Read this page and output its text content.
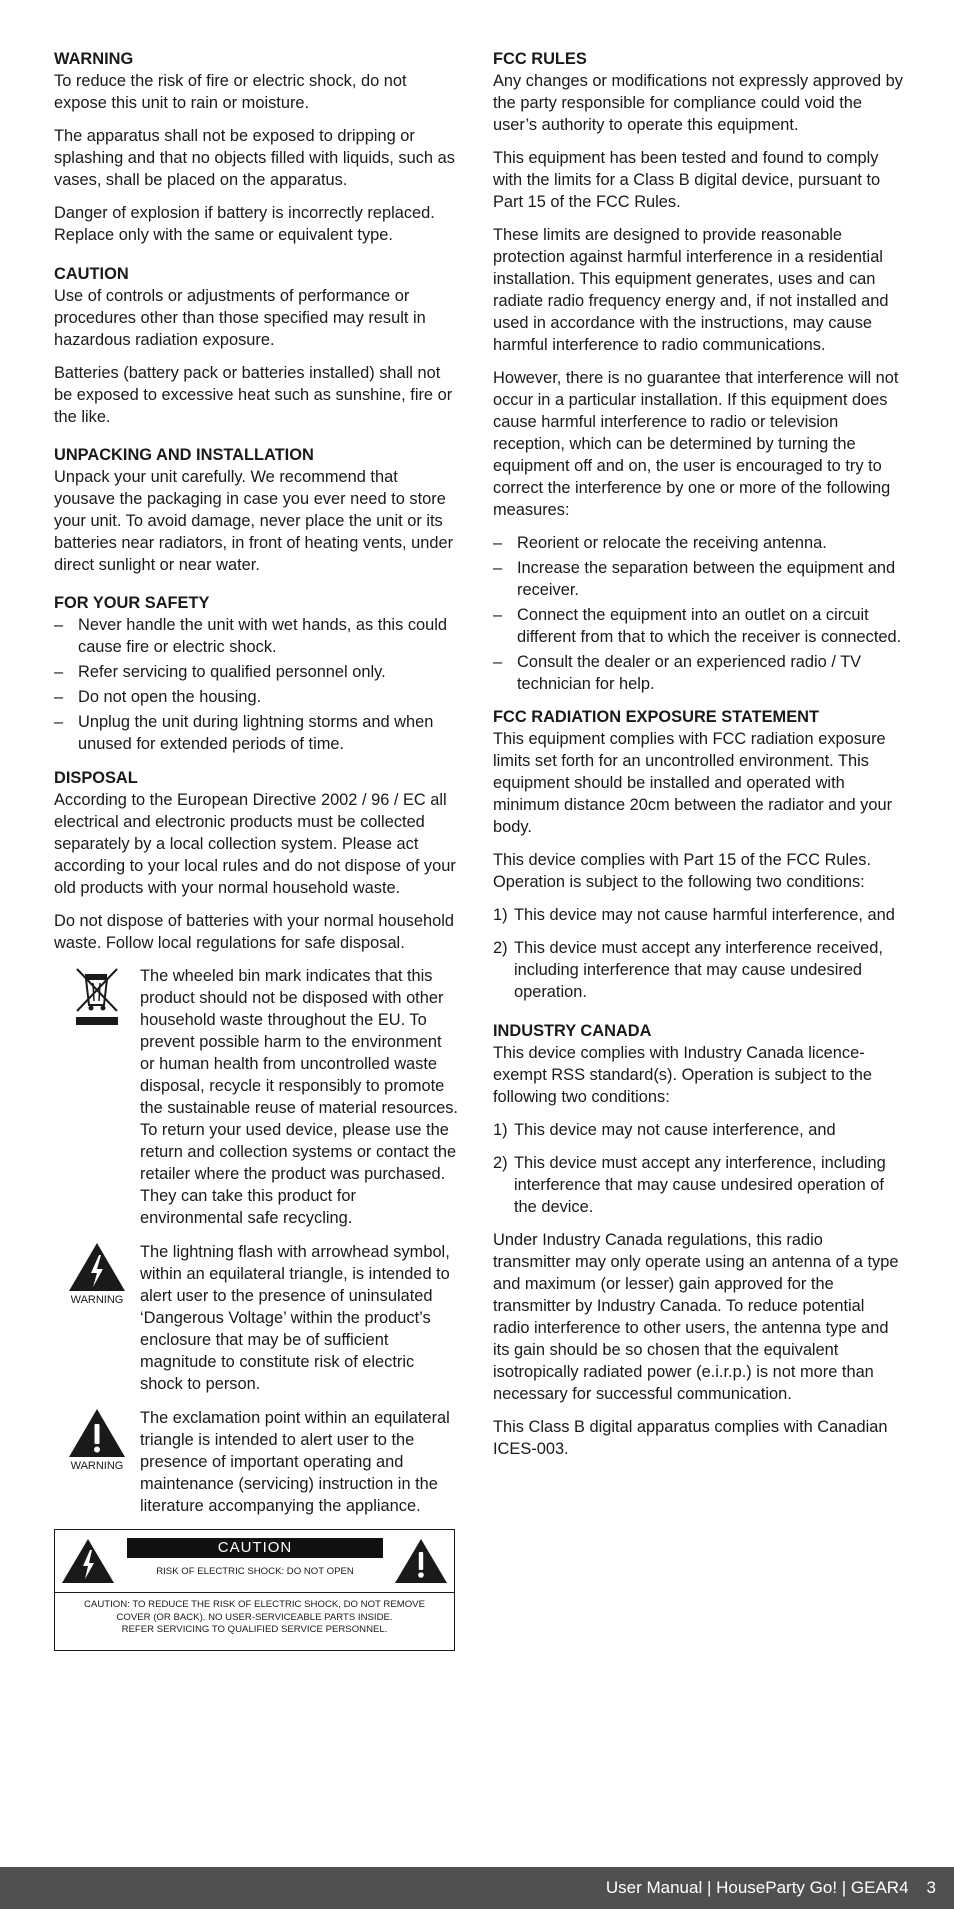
WARNING

To reduce the risk of fire or electric shock, do not expose this unit to rain or moisture.

The apparatus shall not be exposed to dripping or splashing and that no objects filled with liquids, such as vases, shall be placed on the apparatus.

Danger of explosion if battery is incorrectly replaced. Replace only with the same or equivalent type.

CAUTION

Use of controls or adjustments of performance or procedures other than those specified may result in hazardous radiation exposure.

Batteries (battery pack or batteries installed) shall not be exposed to excessive heat such as sunshine, fire or the like.

UNPACKING AND INSTALLATION

Unpack your unit carefully. We recommend that yousave the packaging in case you ever need to store your unit. To avoid damage, never place the unit or its batteries near radiators, in front of heating vents, under direct sunlight or near water.

FOR YOUR SAFETY
– Never handle the unit with wet hands, as this could cause fire or electric shock.
– Refer servicing to qualified personnel only.
– Do not open the housing.
– Unplug the unit during lightning storms and when unused for extended periods of time.
DISPOSAL

According to the European Directive 2002 / 96 / EC all electrical and electronic products must be collected separately by a local collection system. Please act according to your local rules and do not dispose of your old products with your normal household waste.

Do not dispose of batteries with your normal household waste. Follow local regulations for safe disposal.

The wheeled bin mark indicates that this product should not be disposed with other household waste throughout the EU. To prevent possible harm to the environment or human health from uncontrolled waste disposal, recycle it responsibly to promote the sustainable reuse of material resources. To return your used device, please use the return and collection systems or contact the retailer where the product was purchased. They can take this product for environmental safe recycling.

WARNING

The lightning flash with arrowhead symbol, within an equilateral triangle, is intended to alert user to the presence of uninsulated ‘Dangerous Voltage’ within the product’s enclosure that may be of sufficient magnitude to constitute risk of electric shock to person.

WARNING

The exclamation point within an equilateral triangle is intended to alert user to the presence of important operating and maintenance (servicing) instruction in the literature accompanying the appliance.

CAUTION
RISK OF ELECTRIC SHOCK: DO NOT OPEN
CAUTION: TO REDUCE THE RISK OF ELECTRIC SHOCK, DO NOT REMOVE
COVER (OR BACK). NO USER-SERVICEABLE PARTS INSIDE.
REFER SERVICING TO QUALIFIED SERVICE PERSONNEL.
FCC RULES

Any changes or modifications not expressly approved by the party responsible for compliance could void the user’s authority to operate this equipment.

This equipment has been tested and found to comply with the limits for a Class B digital device, pursuant to Part 15 of the FCC Rules.

These limits are designed to provide reasonable protection against harmful interference in a residential installation. This equipment generates, uses and can radiate radio frequency energy and, if not installed and used in accordance with the instructions, may cause harmful interference to radio communications.

However, there is no guarantee that interference will not occur in a particular installation. If this equipment does cause harmful interference to radio or television reception, which can be determined by turning the equipment off and on, the user is encouraged to try to correct the interference by one or more of the following measures:

– Reorient or relocate the receiving antenna.
– Increase the separation between the equipment and receiver.
– Connect the equipment into an outlet on a circuit different from that to which the receiver is connected.
– Consult the dealer or an experienced radio / TV technician for help.
FCC RADIATION EXPOSURE STATEMENT

This equipment complies with FCC radiation exposure limits set forth for an uncontrolled environment. This equipment should be installed and operated with minimum distance 20cm between the radiator and your body.

This device complies with Part 15 of the FCC Rules. Operation is subject to the following two conditions:

1) This device may not cause harmful interference, and
2) This device must accept any interference received, including interference that may cause undesired operation.
INDUSTRY CANADA

This device complies with Industry Canada licence-exempt RSS standard(s). Operation is subject to the following two conditions:

1) This device may not cause interference, and
2) This device must accept any interference, including interference that may cause undesired operation of the device.

Under Industry Canada regulations, this radio transmitter may only operate using an antenna of a type and maximum (or lesser) gain approved for the transmitter by Industry Canada. To reduce potential radio interference to other users, the antenna type and its gain should be so chosen that the equivalent isotropically radiated power (e.i.r.p.) is not more than necessary for successful communication.

This Class B digital apparatus complies with Canadian ICES-003.

User Manual | HouseParty Go! | GEAR4 3
